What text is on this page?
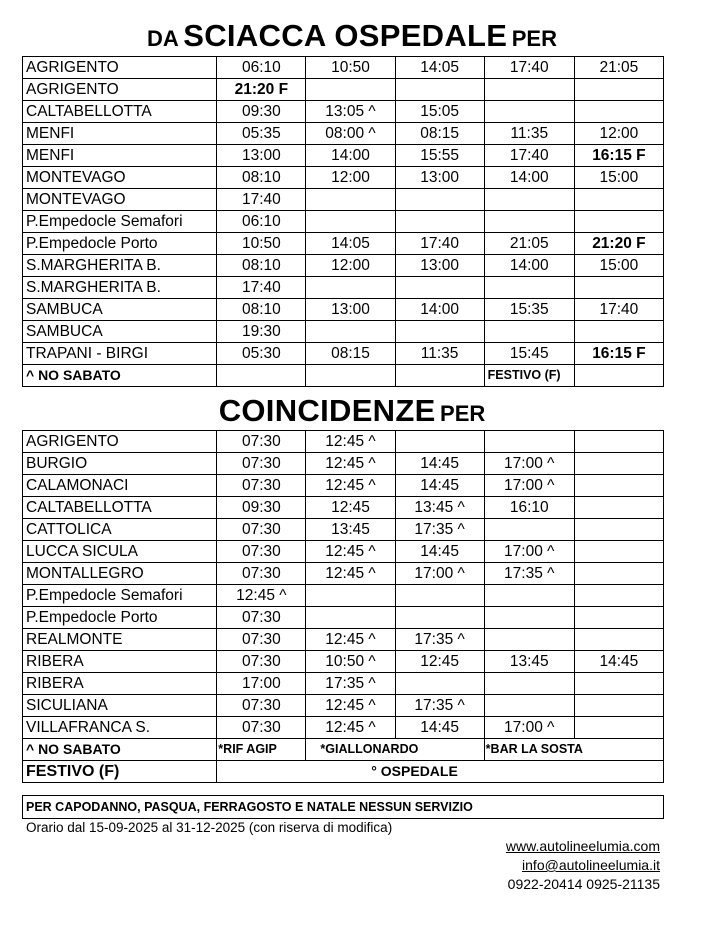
DA SCIACCA OSPEDALE PER
AGRIGENTO	06:10	10:50	14:05	17:40	21:05
AGRIGENTO	21:20 F				
CALTABELLOTTA	09:30	13:05 ^	15:05		
MENFI	05:35	08:00 ^	08:15	11:35	12:00
MENFI	13:00	14:00	15:55	17:40	16:15 F
MONTEVAGO	08:10	12:00	13:00	14:00	15:00
MONTEVAGO	17:40				
P.Empedocle Semafori	06:10				
P.Empedocle Porto	10:50	14:05	17:40	21:05	21:20 F
S.MARGHERITA B.	08:10	12:00	13:00	14:00	15:00
S.MARGHERITA B.	17:40				
SAMBUCA	08:10	13:00	14:00	15:35	17:40
SAMBUCA	19:30				
TRAPANI - BIRGI	05:30	08:15	11:35	15:45	16:15 F
^ NO SABATO				FESTIVO (F)	
COINCIDENZE PER
AGRIGENTO	07:30	12:45 ^			
BURGIO	07:30	12:45 ^	14:45	17:00 ^	
CALAMONACI	07:30	12:45 ^	14:45	17:00 ^	
CALTABELLOTTA	09:30	12:45	13:45 ^	16:10	
CATTOLICA	07:30	13:45	17:35 ^		
LUCCA SICULA	07:30	12:45 ^	14:45	17:00 ^	
MONTALLEGRO	07:30	12:45 ^	17:00 ^	17:35 ^	
P.Empedocle Semafori	12:45 ^				
P.Empedocle Porto	07:30				
REALMONTE	07:30	12:45 ^	17:35 ^		
RIBERA	07:30	10:50 ^	12:45	13:45	14:45
RIBERA	17:00	17:35 ^			
SICULIANA	07:30	12:45 ^	17:35 ^		
VILLAFRANCA S.	07:30	12:45 ^	14:45	17:00 ^	
^ NO SABATO	*RIF AGIP	*GIALLONARDO		*BAR LA SOSTA	
FESTIVO (F)	° OSPEDALE				
PER CAPODANNO, PASQUA, FERRAGOSTO E NATALE NESSUN SERVIZIO
Orario dal 15-09-2025 al 31-12-2025 (con riserva di modifica)
www.autolineelumia.com
info@autolineelumia.it
0922-20414 0925-21135
